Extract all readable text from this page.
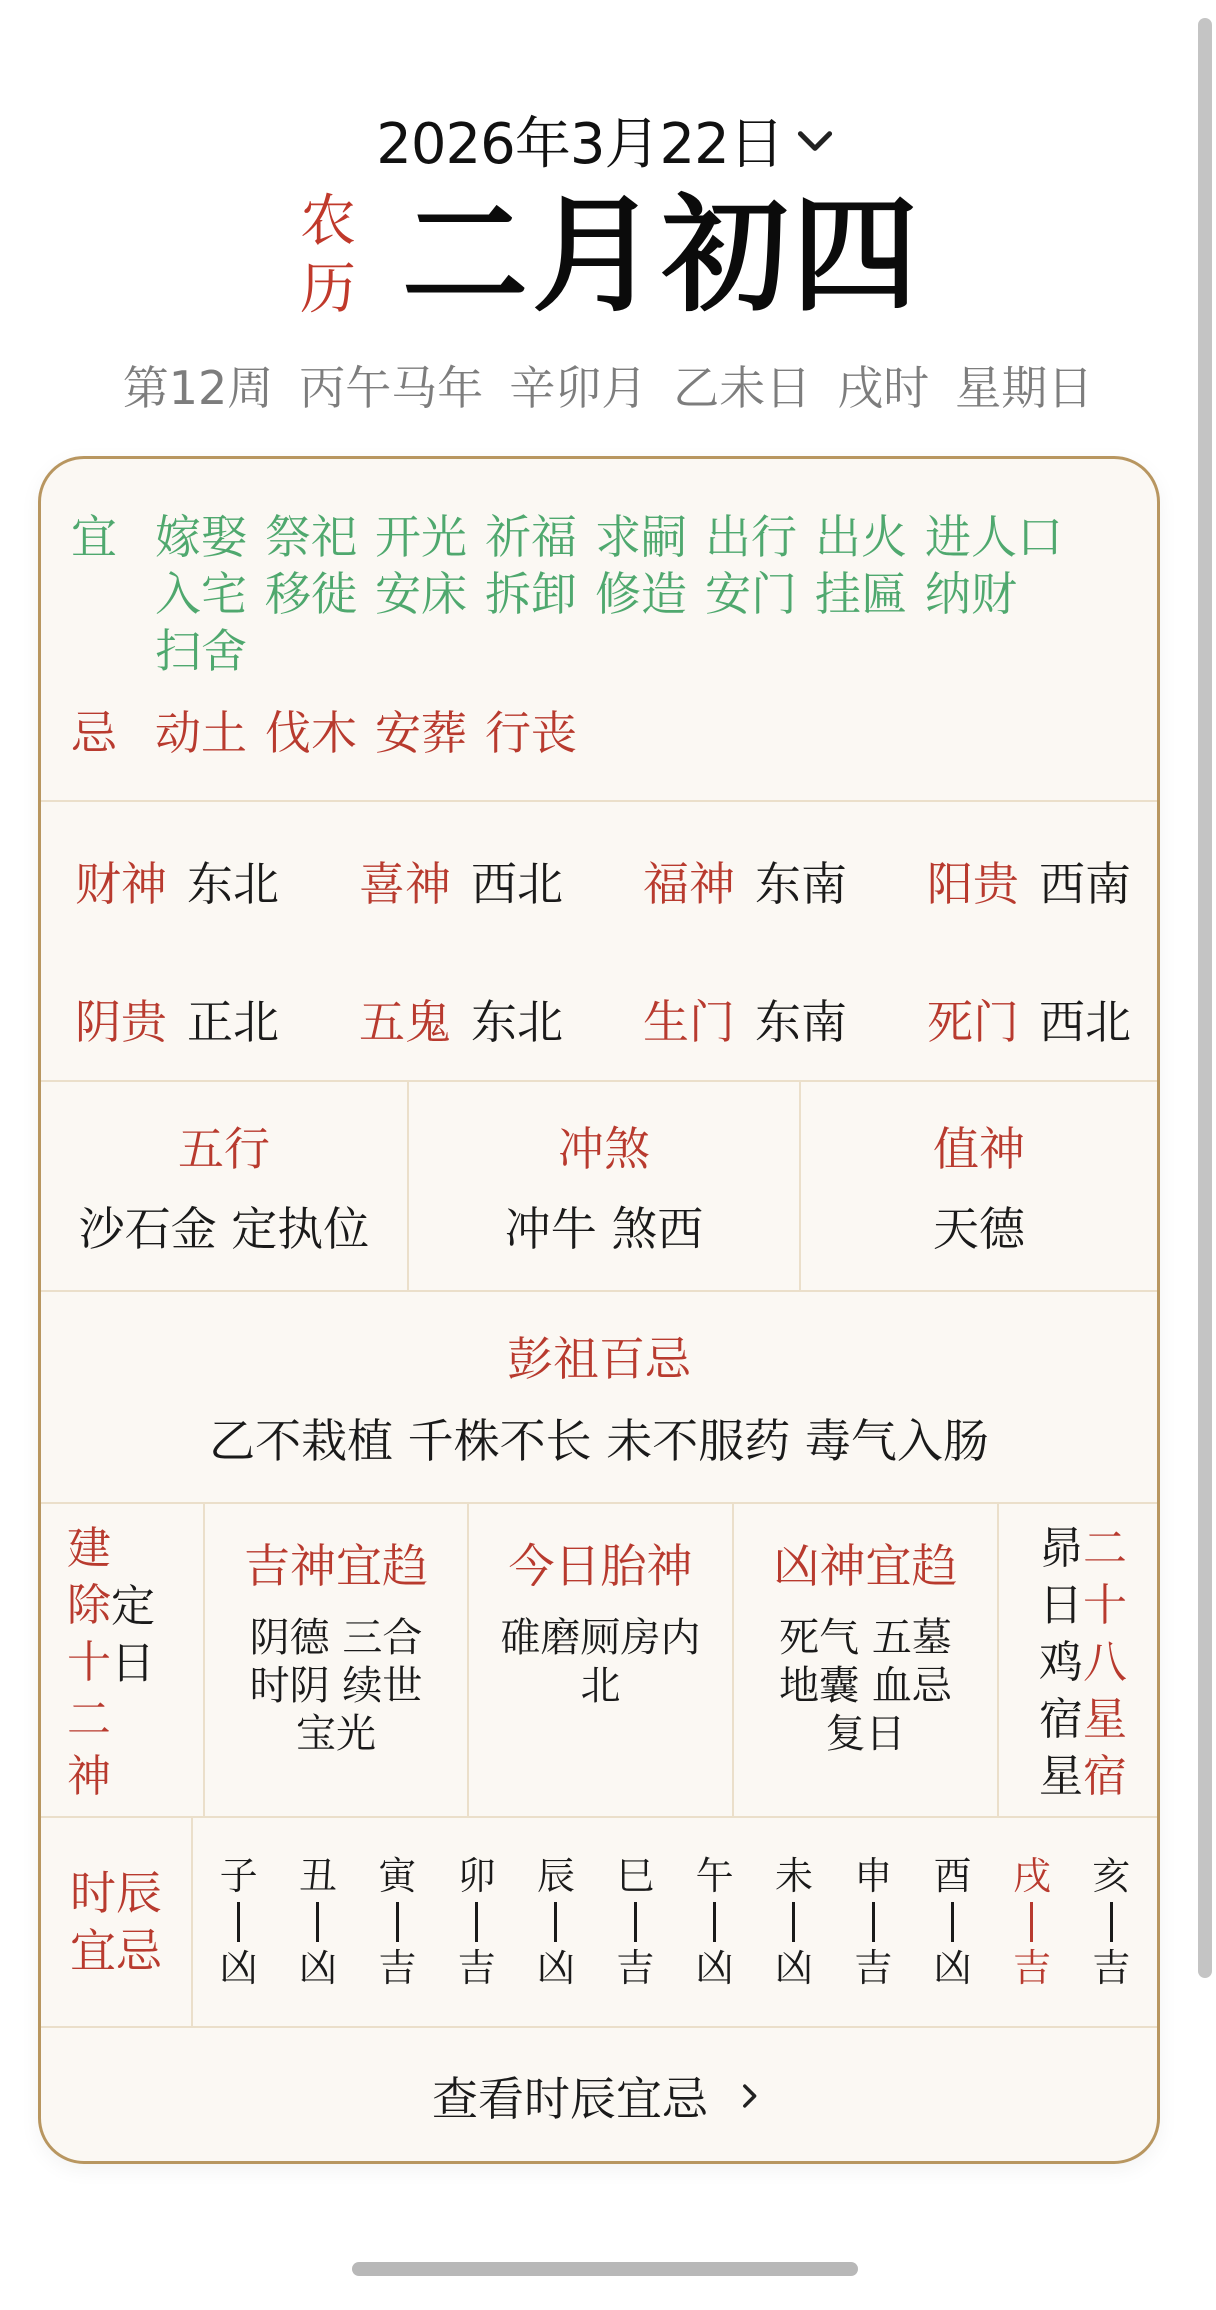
2026年3月22日
农
历 二月初四
第12周 丙午马年 辛卯月 乙未日 戌时 星期日
宜 嫁娶 祭祀 开光 祈福 求嗣 出行 出火 进人口
入宅 移徙 安床 拆卸 修造 安门 挂匾 纳财
扫舍
忌 动土 伐木 安葬 行丧
财神 东北 喜神 西北 福神 东南 阳贵 西南
阴贵 正北 五鬼 东北 生门 东南 死门 西北
五行
沙石金 定执位
冲煞
冲牛 煞西
值神
天德
彭祖百忌
乙不栽植 千株不长 未不服药 毒气入肠
建
除
十
二
神
定
日
吉神宜趋
阴德 三合
时阴 续世
宝光
今日胎神
碓磨厕房内
北
凶神宜趋
死气 五墓
地囊 血忌
复日
昴
日
鸡
宿
星
二
十
八
星
宿
时辰
宜忌
子
凶
丑
凶
寅
吉
卯
吉
辰
凶
巳
吉
午
凶
未
凶
申
吉
酉
凶
戌
吉
亥
吉
查看时辰宜忌
